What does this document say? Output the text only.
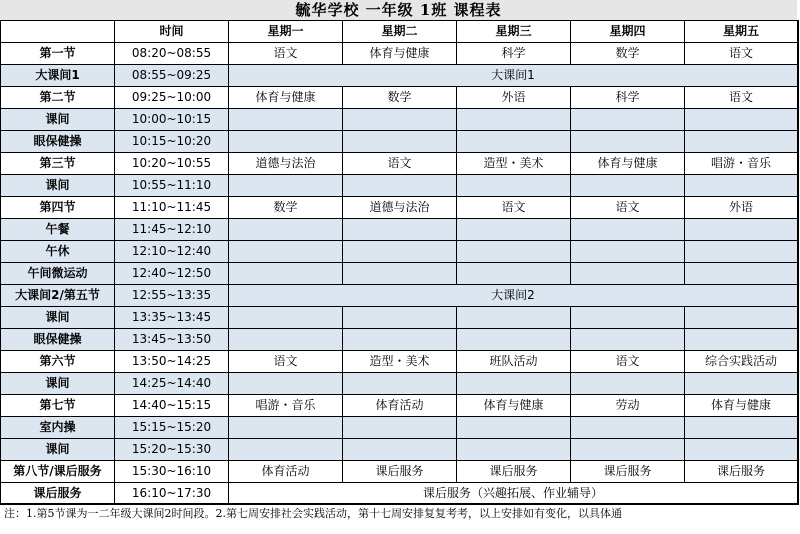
毓华学校 一年级 1班 课程表
	时间	星期一	星期二	星期三	星期四	星期五
第一节	08:20~08:55	语文	体育与健康	科学	数学	语文
大课间1	08:55~09:25	大课间1				
第二节	09:25~10:00	体育与健康	数学	外语	科学	语文
课间	10:00~10:15					
眼保健操	10:15~10:20					
第三节	10:20~10:55	道德与法治	语文	造型・美术	体育与健康	唱游・音乐
课间	10:55~11:10					
第四节	11:10~11:45	数学	道德与法治	语文	语文	外语
午餐	11:45~12:10					
午休	12:10~12:40					
午间微运动	12:40~12:50					
大课间2/第五节	12:55~13:35	大课间2				
课间	13:35~13:45					
眼保健操	13:45~13:50					
第六节	13:50~14:25	语文	造型・美术	班队活动	语文	综合实践活动
课间	14:25~14:40					
第七节	14:40~15:15	唱游・音乐	体育活动	体育与健康	劳动	体育与健康
室内操	15:15~15:20					
课间	15:20~15:30					
第八节/课后服务	15:30~16:10	体育活动	课后服务	课后服务	课后服务	课后服务
课后服务	16:10~17:30	课后服务（兴趣拓展、作业辅导）				
注：1.第5节课为一二年级大课间2时间段。2.第七周安排社会实践活动，第十七周安排复复考考，以上安排如有变化，以具体通
